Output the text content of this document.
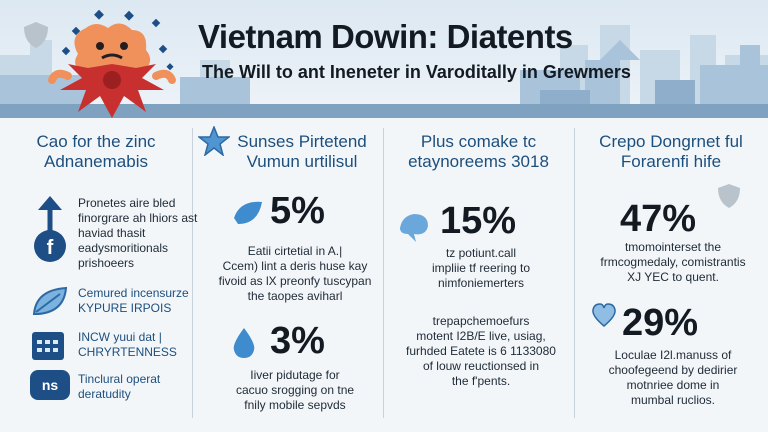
Vietnam Dowin: Diatents
The Will to ant Ineneter in Varoditally in Grewmers
Cao for the zinc
Adnanemabis
f
Pronetes aire bled
finorgrare ah lhiors ast
haviad thasit
eadysmoritionals
prishoeers
Cemured incensurze
KYPURE IRPOIS
INCW yuui dat |
CHRYRTENNESS
ns	Tinclural operat
deratudity
Sunses Pirtetend
Vumun urtilisul
5%
Eatii cirtetial in A.|
Ccem) lint a deris huse kay
fivoid as lX preonfy tuscypan
the taopes aviharl
3%
Iiver pidutage for
cacuo srogging on tne
fnily mobile sepvds
Plus comake tc
etaynoreems 3018
15%
tz potiunt.call
impliie tf reering to
nimfoniemerters
trepapchemoefurs
motent I2B/E live, usiag,
furhded Eatete is 6 1133080
of louw reuctionsed in
the f'pents.
Crepo Dongrnet ful
Forarenfi hife
47%
tmomointerset the
frmcogmedaly, comistrantis
XJ YEC to quent.
29%
Loculae I2l.manuss of
choofegeend by dedirier
motnriee dome in
mumbal ruclios.
